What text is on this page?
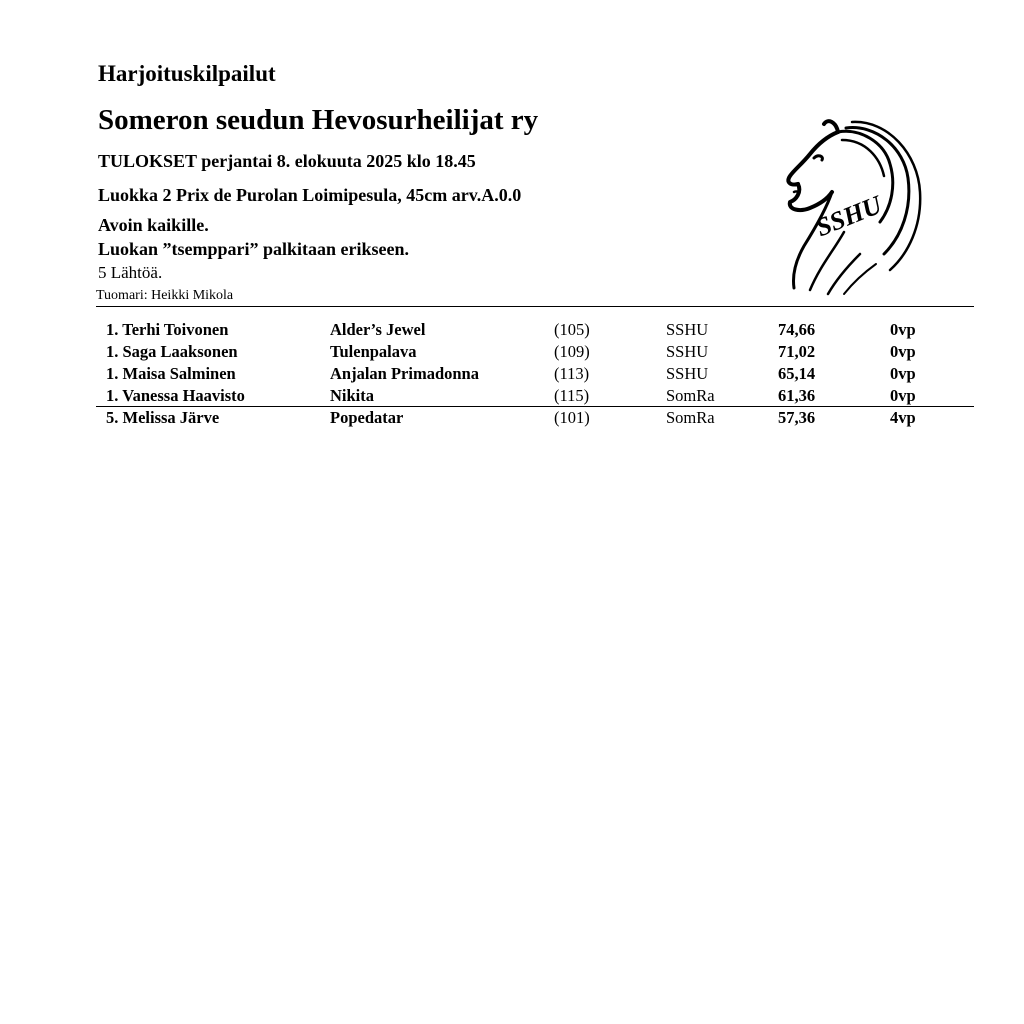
Harjoituskilpailut
Someron seudun Hevosurheilijat ry
TULOKSET perjantai 8. elokuuta 2025 klo 18.45
Luokka 2 Prix de Purolan Loimipesula, 45cm arv.A.0.0
Avoin kaikille.
Luokan ”tsemppari” palkitaan erikseen.
5 Lähtöä.
Tuomari: Heikki Mikola
SSHU
1. Terhi Toivonen	Alder’s Jewel	(105)	SSHU	74,66	0vp
1. Saga Laaksonen	Tulenpalava	(109)	SSHU	71,02	0vp
1. Maisa Salminen	Anjalan Primadonna	(113)	SSHU	65,14	0vp
1. Vanessa Haavisto	Nikita	(115)	SomRa	61,36	0vp
5. Melissa Järve	Popedatar	(101)	SomRa	57,36	4vp
